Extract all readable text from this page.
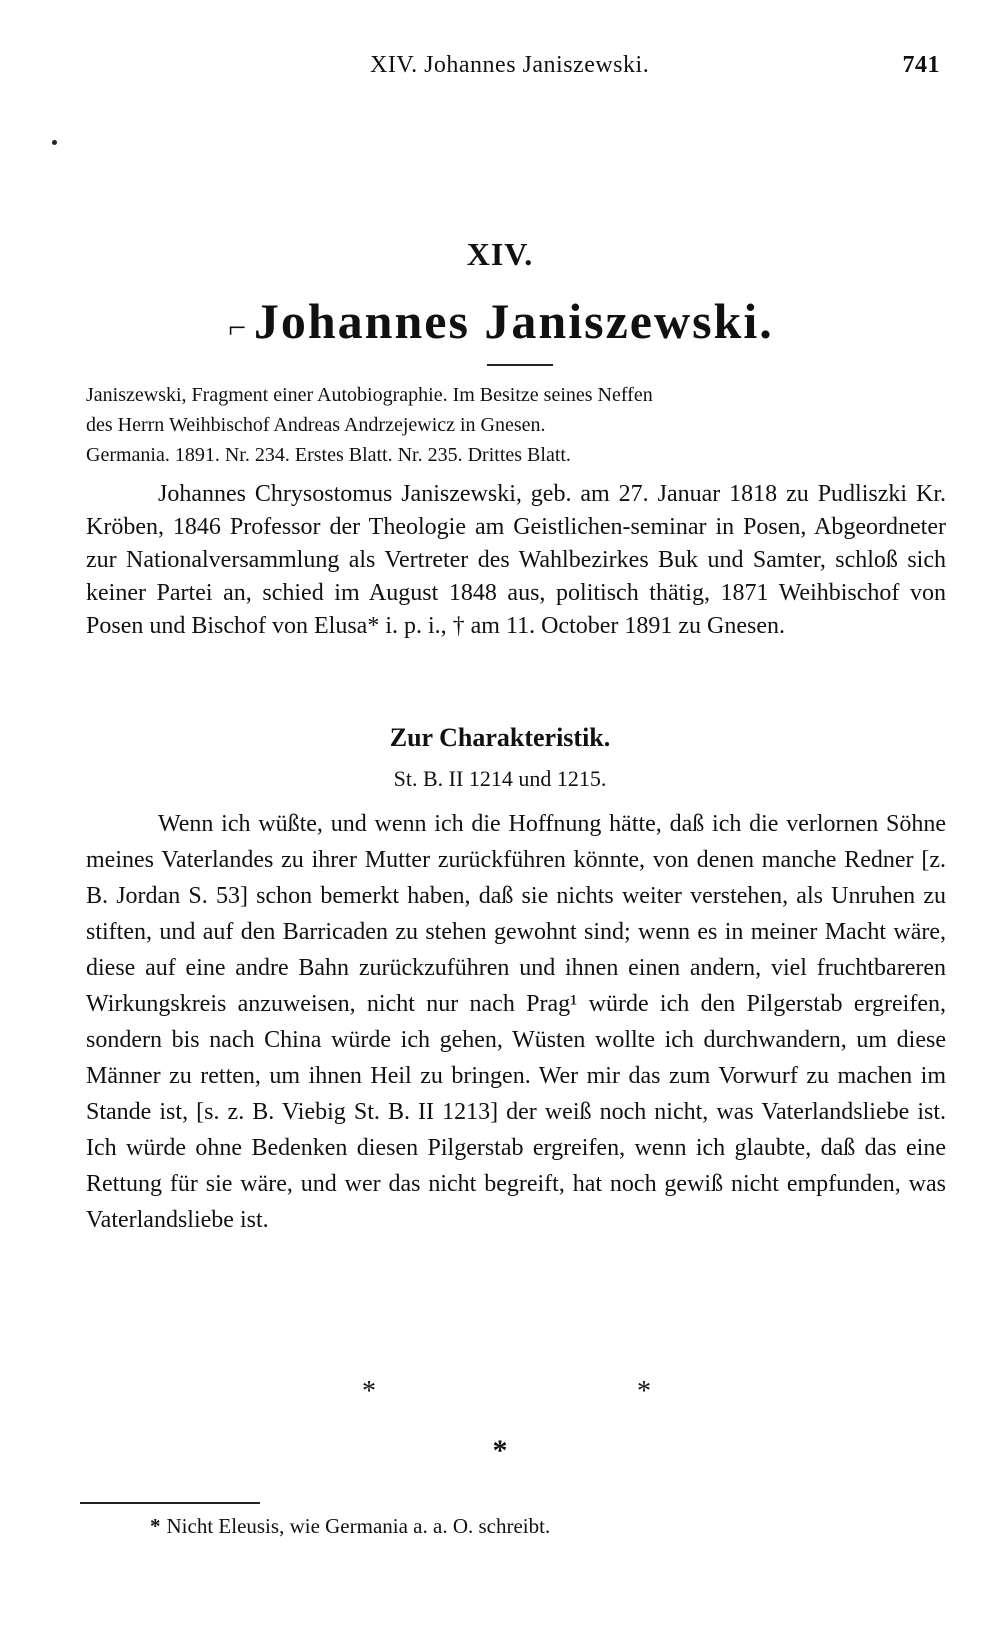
XIV. Johannes Janiszewski.	741
XIV.
⌐Johannes Janiszewski.

Janiszewski, Fragment einer Autobiographie. Im Besitze seines Neffen

des Herrn Weihbischof Andreas Andrzejewicz in Gnesen.

Germania. 1891. Nr. 234. Erstes Blatt. Nr. 235. Drittes Blatt.

Johannes Chrysostomus Janiszewski, geb. am 27. Januar 1818 zu Pudliszki Kr. Kröben, 1846 Professor der Theologie am Geistlichen-seminar in Posen, Abgeordneter zur Nationalversammlung als Vertreter des Wahlbezirkes Buk und Samter, schloß sich keiner Partei an, schied im August 1848 aus, politisch thätig, 1871 Weihbischof von Posen und Bischof von Elusa* i. p. i., † am 11. October 1891 zu Gnesen.

Zur Charakteristik.
St. B. II 1214 und 1215.

Wenn ich wüßte, und wenn ich die Hoffnung hätte, daß ich die verlornen Söhne meines Vaterlandes zu ihrer Mutter zurückführen könnte, von denen manche Redner [z. B. Jordan S. 53] schon bemerkt haben, daß sie nichts weiter verstehen, als Unruhen zu stiften, und auf den Barricaden zu stehen gewohnt sind; wenn es in meiner Macht wäre, diese auf eine andre Bahn zurückzuführen und ihnen einen andern, viel fruchtbareren Wirkungskreis anzuweisen, nicht nur nach Prag¹ würde ich den Pilgerstab ergreifen, sondern bis nach China würde ich gehen, Wüsten wollte ich durchwandern, um diese Männer zu retten, um ihnen Heil zu bringen. Wer mir das zum Vorwurf zu machen im Stande ist, [s. z. B. Viebig St. B. II 1213] der weiß noch nicht, was Vaterlandsliebe ist. Ich würde ohne Bedenken diesen Pilgerstab ergreifen, wenn ich glaubte, daß das eine Rettung für sie wäre, und wer das nicht begreift, hat noch gewiß nicht empfunden, was Vaterlandsliebe ist.

*	*
*
* Nicht Eleusis, wie Germania a. a. O. schreibt.
